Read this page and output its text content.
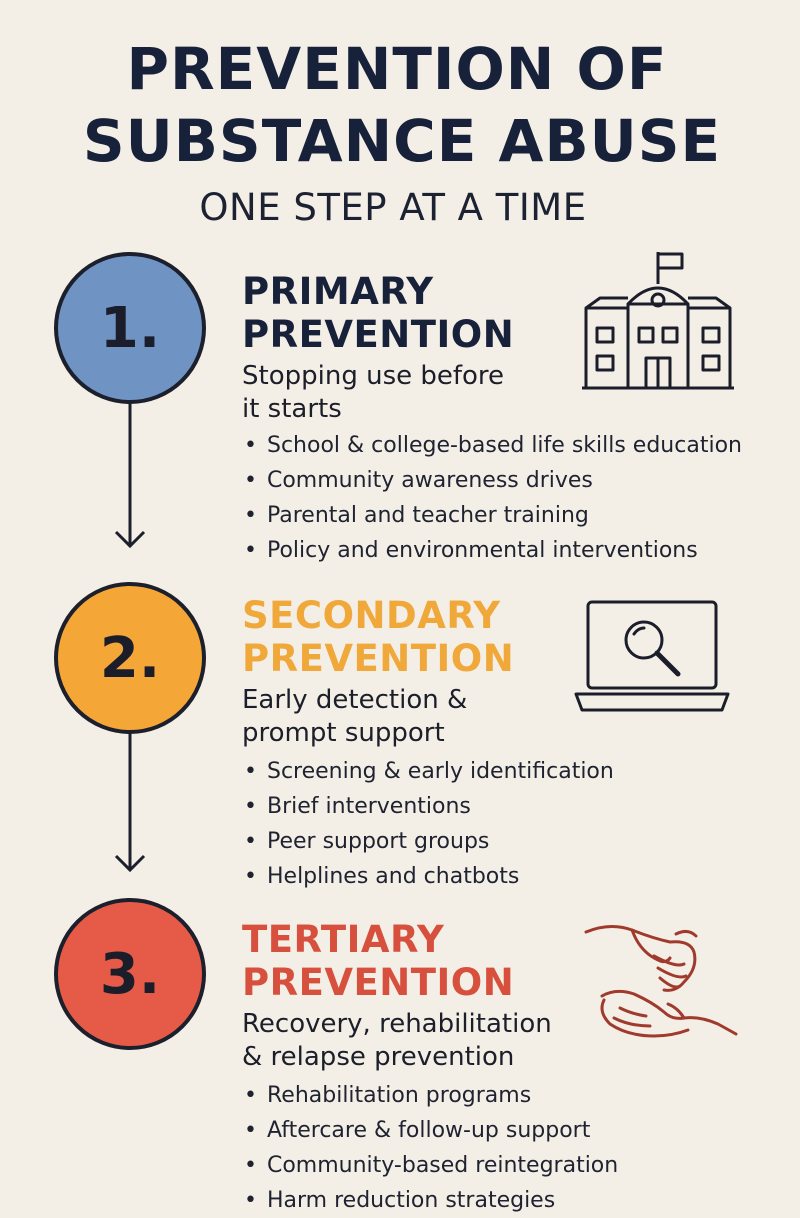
PREVENTION OF
SUBSTANCE ABUSE
ONE STEP AT A TIME
1.
PRIMARY
PREVENTION
Stopping use before
it starts
• School & college-based life skills education
• Community awareness drives
• Parental and teacher training
• Policy and environmental interventions
2.
SECONDARY
PREVENTION
Early detection &
prompt support
• Screening & early identification
• Brief interventions
• Peer support groups
• Helplines and chatbots
3.
TERTIARY
PREVENTION
Recovery, rehabilitation
& relapse prevention
• Rehabilitation programs
• Aftercare & follow-up support
• Community-based reintegration
• Harm reduction strategies
